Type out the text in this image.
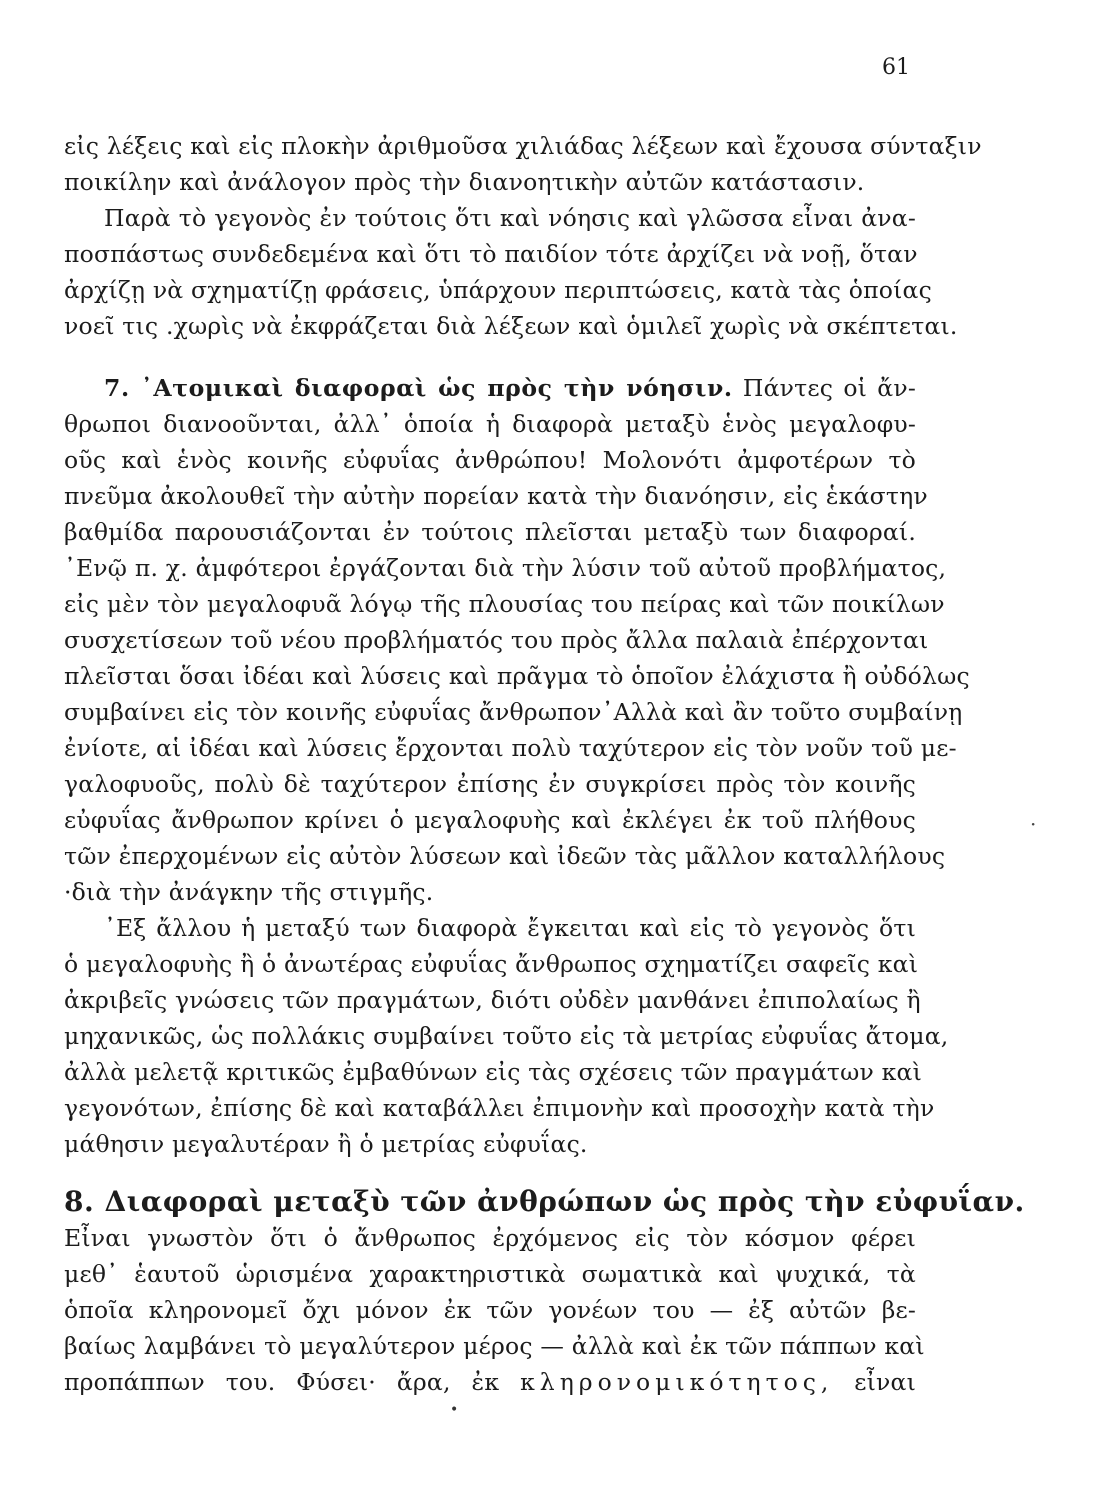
61
εἰς λέξεις καὶ εἰς πλοκὴν ἀριθμοῦσα χιλιάδας λέξεων καὶ ἔχουσα σύνταξιν
ποικίλην καὶ ἀνάλογον πρὸς τὴν διανοητικὴν αὐτῶν κατάστασιν.
Παρὰ τὸ γεγονὸς ἐν τούτοις ὅτι καὶ νόησις καὶ γλῶσσα εἶναι ἀνα-
ποσπάστως συνδεδεμένα καὶ ὅτι τὸ παιδίον τότε ἀρχίζει νὰ νοῇ, ὅταν
ἀρχίζῃ νὰ σχηματίζῃ φράσεις, ὑπάρχουν περιπτώσεις, κατὰ τὰς ὁποίας
νοεῖ τις .χωρὶς νὰ ἐκφράζεται διὰ λέξεων καὶ ὁμιλεῖ χωρὶς νὰ σκέπτεται.
7. ᾿Ατομικαὶ διαφοραὶ ὡς πρὸς τὴν νόησιν. Πάντες οἱ ἄν-
θρωποι διανοοῦνται, ἀλλ᾿ ὁποία ἡ διαφορὰ μεταξὺ ἑνὸς μεγαλοφυ-
οῦς καὶ ἑνὸς κοινῆς εὐφυΐας ἀνθρώπου! Μολονότι ἀμφοτέρων τὸ
πνεῦμα ἀκολουθεῖ τὴν αὐτὴν πορείαν κατὰ τὴν διανόησιν, εἰς ἑκάστην
βαθμίδα παρουσιάζονται ἐν τούτοις πλεῖσται μεταξὺ των διαφοραί.
᾿Ενῷ π. χ. ἀμφότεροι ἐργάζονται διὰ τὴν λύσιν τοῦ αὐτοῦ προβλήματος,
εἰς μὲν τὸν μεγαλοφυᾶ λόγῳ τῆς πλουσίας του πείρας καὶ τῶν ποικίλων
συσχετίσεων τοῦ νέου προβλήματός του πρὸς ἄλλα παλαιὰ ἐπέρχονται
πλεῖσται ὅσαι ἰδέαι καὶ λύσεις καὶ πρᾶγμα τὸ ὁποῖον ἐλάχιστα ἢ οὐδόλως
συμβαίνει εἰς τὸν κοινῆς εὐφυΐας ἄνθρωπον᾿Αλλὰ καὶ ἂν τοῦτο συμβαίνῃ
ἐνίοτε, αἱ ἰδέαι καὶ λύσεις ἔρχονται πολὺ ταχύτερον εἰς τὸν νοῦν τοῦ με-
γαλοφυοῦς, πολὺ δὲ ταχύτερον ἐπίσης ἐν συγκρίσει πρὸς τὸν κοινῆς
εὐφυΐας ἄνθρωπον κρίνει ὁ μεγαλοφυὴς καὶ ἐκλέγει ἐκ τοῦ πλήθους
τῶν ἐπερχομένων εἰς αὐτὸν λύσεων καὶ ἰδεῶν τὰς μᾶλλον καταλλήλους
·διὰ τὴν ἀνάγκην τῆς στιγμῆς.
᾿Εξ ἄλλου ἡ μεταξύ των διαφορὰ ἔγκειται καὶ εἰς τὸ γεγονὸς ὅτι
ὁ μεγαλοφυὴς ἢ ὁ ἀνωτέρας εὐφυΐας ἄνθρωπος σχηματίζει σαφεῖς καὶ
ἀκριβεῖς γνώσεις τῶν πραγμάτων, διότι οὐδὲν μανθάνει ἐπιπολαίως ἢ
μηχανικῶς, ὡς πολλάκις συμβαίνει τοῦτο εἰς τὰ μετρίας εὐφυΐας ἄτομα,
ἀλλὰ μελετᾷ κριτικῶς ἐμβαθύνων εἰς τὰς σχέσεις τῶν πραγμάτων καὶ
γεγονότων, ἐπίσης δὲ καὶ καταβάλλει ἐπιμονὴν καὶ προσοχὴν κατὰ τὴν
μάθησιν μεγαλυτέραν ἢ ὁ μετρίας εὐφυΐας.
8. Διαφοραὶ μεταξὺ τῶν ἀνθρώπων ὡς πρὸς τὴν εὐφυΐαν.
Εἶναι γνωστὸν ὅτι ὁ ἄνθρωπος ἐρχόμενος εἰς τὸν κόσμον φέρει
μεθ᾿ ἑαυτοῦ ὡρισμένα χαρακτηριστικὰ σωματικὰ καὶ ψυχικά, τὰ
ὁποῖα κληρονομεῖ ὄχι μόνον ἐκ τῶν γονέων του — ἐξ αὐτῶν βε-
βαίως λαμβάνει τὸ μεγαλύτερον μέρος — ἀλλὰ καὶ ἐκ τῶν πάππων καὶ
προπάππων του. Φύσει· ἄρα, ἐκ κληρονομικότητος, εἶναι
·
•
